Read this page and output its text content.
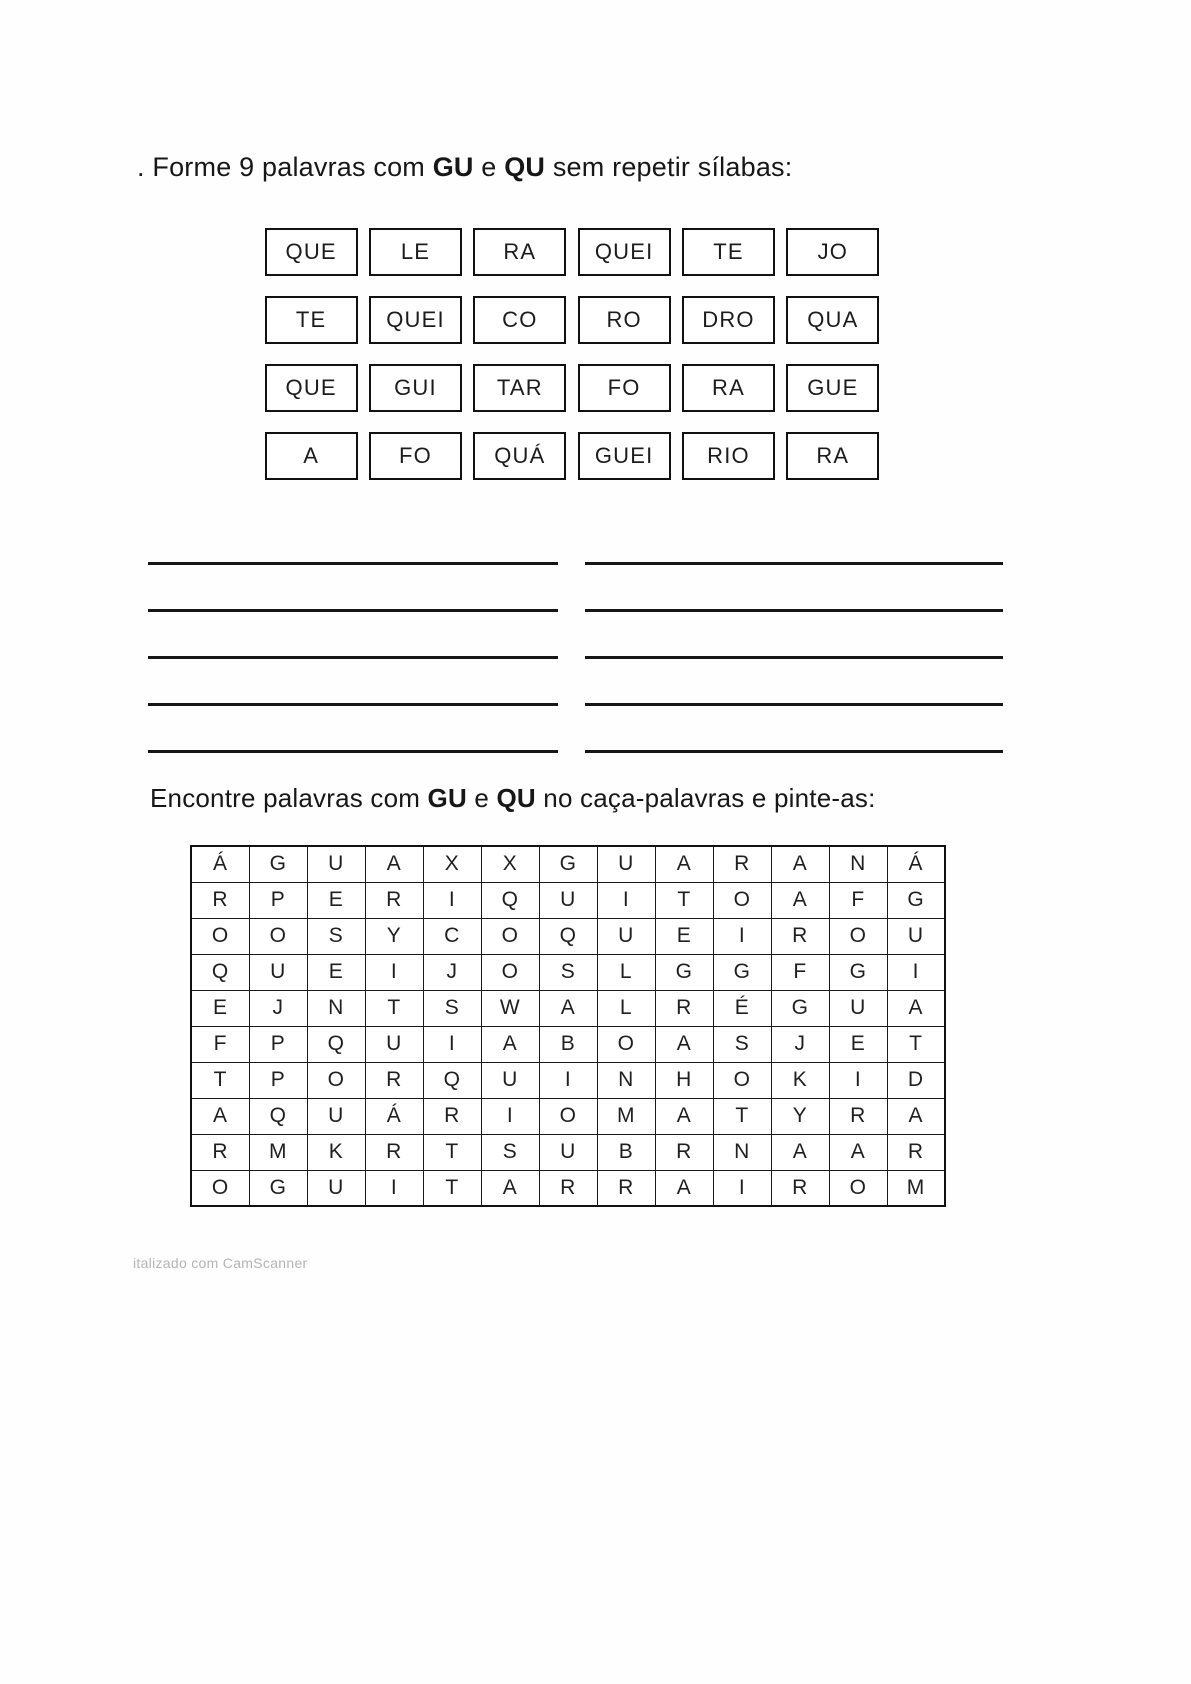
. Forme 9 palavras com GU e QU sem repetir sílabas:
QUE	LE	RA	QUEI	TE	JO
TE	QUEI	CO	RO	DRO	QUA
QUE	GUI	TAR	FO	RA	GUE
A	FO	QUÁ	GUEI	RIO	RA
Encontre palavras com GU e QU no caça-palavras e pinte-as:
Á	G	U	A	X	X	G	U	A	R	A	N	Á
R	P	E	R	I	Q	U	I	T	O	A	F	G
O	O	S	Y	C	O	Q	U	E	I	R	O	U
Q	U	E	I	J	O	S	L	G	G	F	G	I
E	J	N	T	S	W	A	L	R	É	G	U	A
F	P	Q	U	I	A	B	O	A	S	J	E	T
T	P	O	R	Q	U	I	N	H	O	K	I	D
A	Q	U	Á	R	I	O	M	A	T	Y	R	A
R	M	K	R	T	S	U	B	R	N	A	A	R
O	G	U	I	T	A	R	R	A	I	R	O	M
italizado com CamScanner
